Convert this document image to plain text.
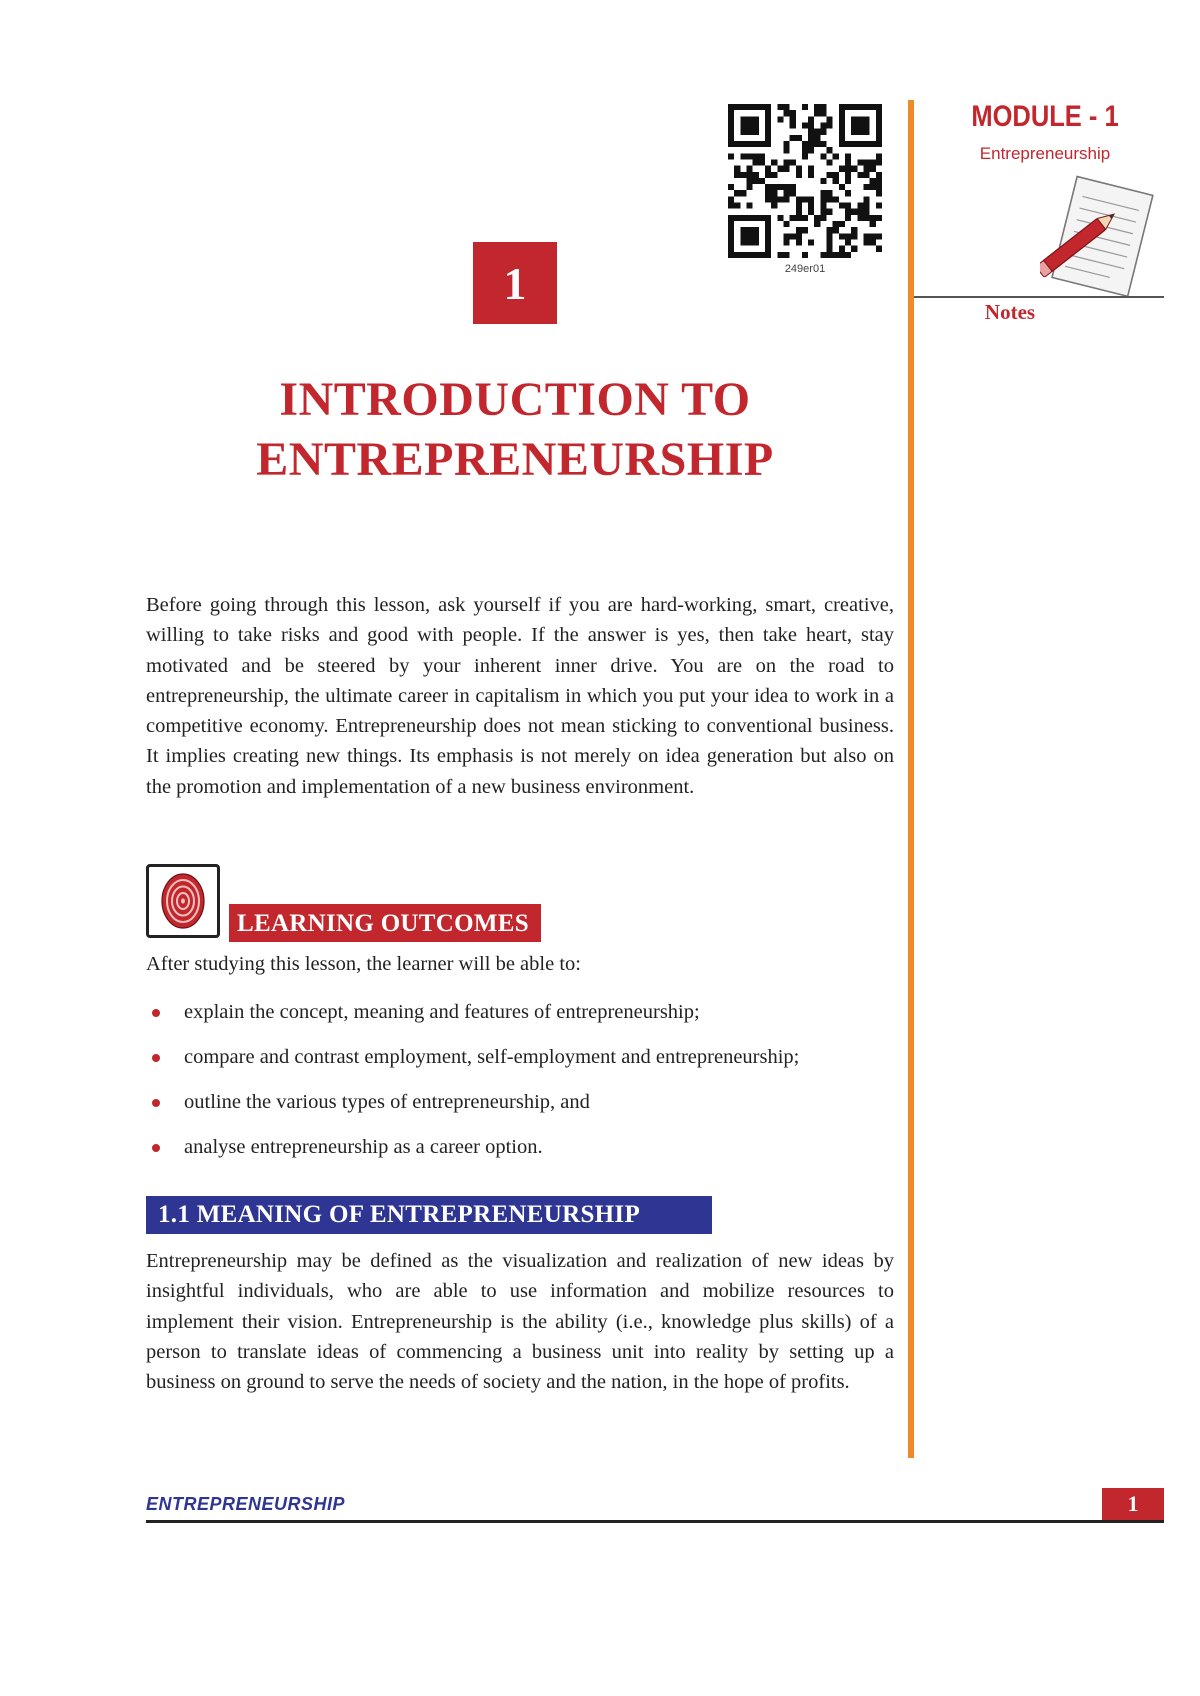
249er01
1
INTRODUCTION TO
ENTREPRENEURSHIP
MODULE - 1
Entrepreneurship
Notes
Before going through this lesson, ask yourself if you are hard-working, smart, creative, willing to take risks and good with people. If the answer is yes, then take heart, stay motivated and be steered by your inherent inner drive. You are on the road to entrepreneurship, the ultimate career in capitalism in which you put your idea to work in a competitive economy. Entrepreneurship does not mean sticking to conventional business. It implies creating new things. Its emphasis is not merely on idea generation but also on the promotion and implementation of a new business environment.
LEARNING OUTCOMES
After studying this lesson, the learner will be able to:
explain the concept, meaning and features of entrepreneurship;
compare and contrast employment, self-employment and entrepreneurship;
outline the various types of entrepreneurship, and
analyse entrepreneurship as a career option.
1.1 MEANING OF ENTREPRENEURSHIP
Entrepreneurship may be defined as the visualization and realization of new ideas by insightful individuals, who are able to use information and mobilize resources to implement their vision. Entrepreneurship is the ability (i.e., knowledge plus skills) of a person to translate ideas of commencing a business unit into reality by setting up a business on ground to serve the needs of society and the nation, in the hope of profits.
ENTREPRENEURSHIP	1
